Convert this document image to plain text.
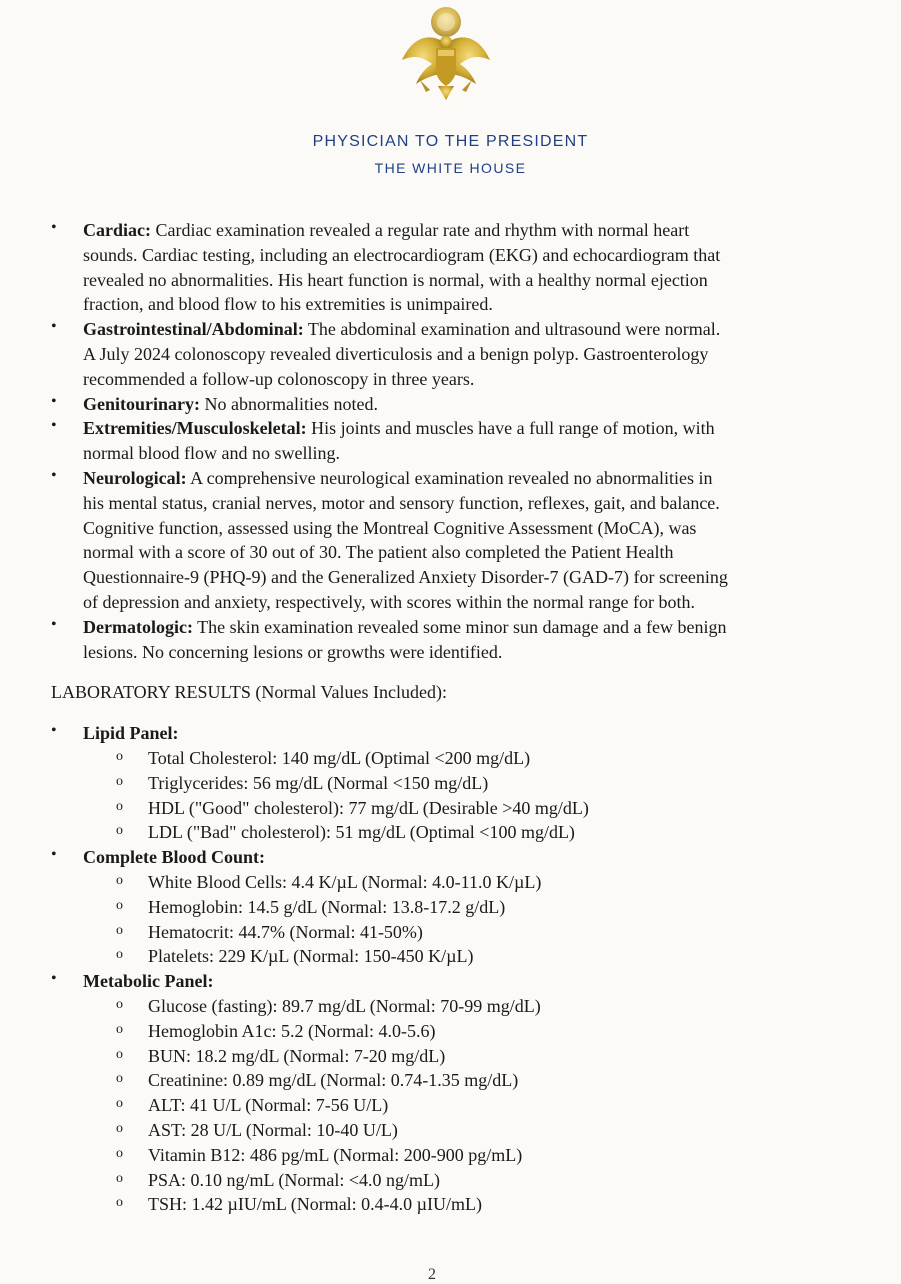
PHYSICIAN TO THE PRESIDENT
THE WHITE HOUSE
• Cardiac: Cardiac examination revealed a regular rate and rhythm with normal heart
sounds. Cardiac testing, including an electrocardiogram (EKG) and echocardiogram that
revealed no abnormalities. His heart function is normal, with a healthy normal ejection
fraction, and blood flow to his extremities is unimpaired.
• Gastrointestinal/Abdominal: The abdominal examination and ultrasound were normal.
A July 2024 colonoscopy revealed diverticulosis and a benign polyp. Gastroenterology
recommended a follow-up colonoscopy in three years.
• Genitourinary: No abnormalities noted.
• Extremities/Musculoskeletal: His joints and muscles have a full range of motion, with
normal blood flow and no swelling.
• Neurological: A comprehensive neurological examination revealed no abnormalities in
his mental status, cranial nerves, motor and sensory function, reflexes, gait, and balance.
Cognitive function, assessed using the Montreal Cognitive Assessment (MoCA), was
normal with a score of 30 out of 30. The patient also completed the Patient Health
Questionnaire-9 (PHQ-9) and the Generalized Anxiety Disorder-7 (GAD-7) for screening
of depression and anxiety, respectively, with scores within the normal range for both.
• Dermatologic: The skin examination revealed some minor sun damage and a few benign
lesions. No concerning lesions or growths were identified.
LABORATORY RESULTS (Normal Values Included):
• Lipid Panel:
o Total Cholesterol: 140 mg/dL (Optimal <200 mg/dL)
o Triglycerides: 56 mg/dL (Normal <150 mg/dL)
o HDL ("Good" cholesterol): 77 mg/dL (Desirable >40 mg/dL)
o LDL ("Bad" cholesterol): 51 mg/dL (Optimal <100 mg/dL)
• Complete Blood Count:
o White Blood Cells: 4.4 K/µL (Normal: 4.0-11.0 K/µL)
o Hemoglobin: 14.5 g/dL (Normal: 13.8-17.2 g/dL)
o Hematocrit: 44.7% (Normal: 41-50%)
o Platelets: 229 K/µL (Normal: 150-450 K/µL)
• Metabolic Panel:
o Glucose (fasting): 89.7 mg/dL (Normal: 70-99 mg/dL)
o Hemoglobin A1c: 5.2 (Normal: 4.0-5.6)
o BUN: 18.2 mg/dL (Normal: 7-20 mg/dL)
o Creatinine: 0.89 mg/dL (Normal: 0.74-1.35 mg/dL)
o ALT: 41 U/L (Normal: 7-56 U/L)
o AST: 28 U/L (Normal: 10-40 U/L)
o Vitamin B12: 486 pg/mL (Normal: 200-900 pg/mL)
o PSA: 0.10 ng/mL (Normal: <4.0 ng/mL)
o TSH: 1.42 µIU/mL (Normal: 0.4-4.0 µIU/mL)
2
